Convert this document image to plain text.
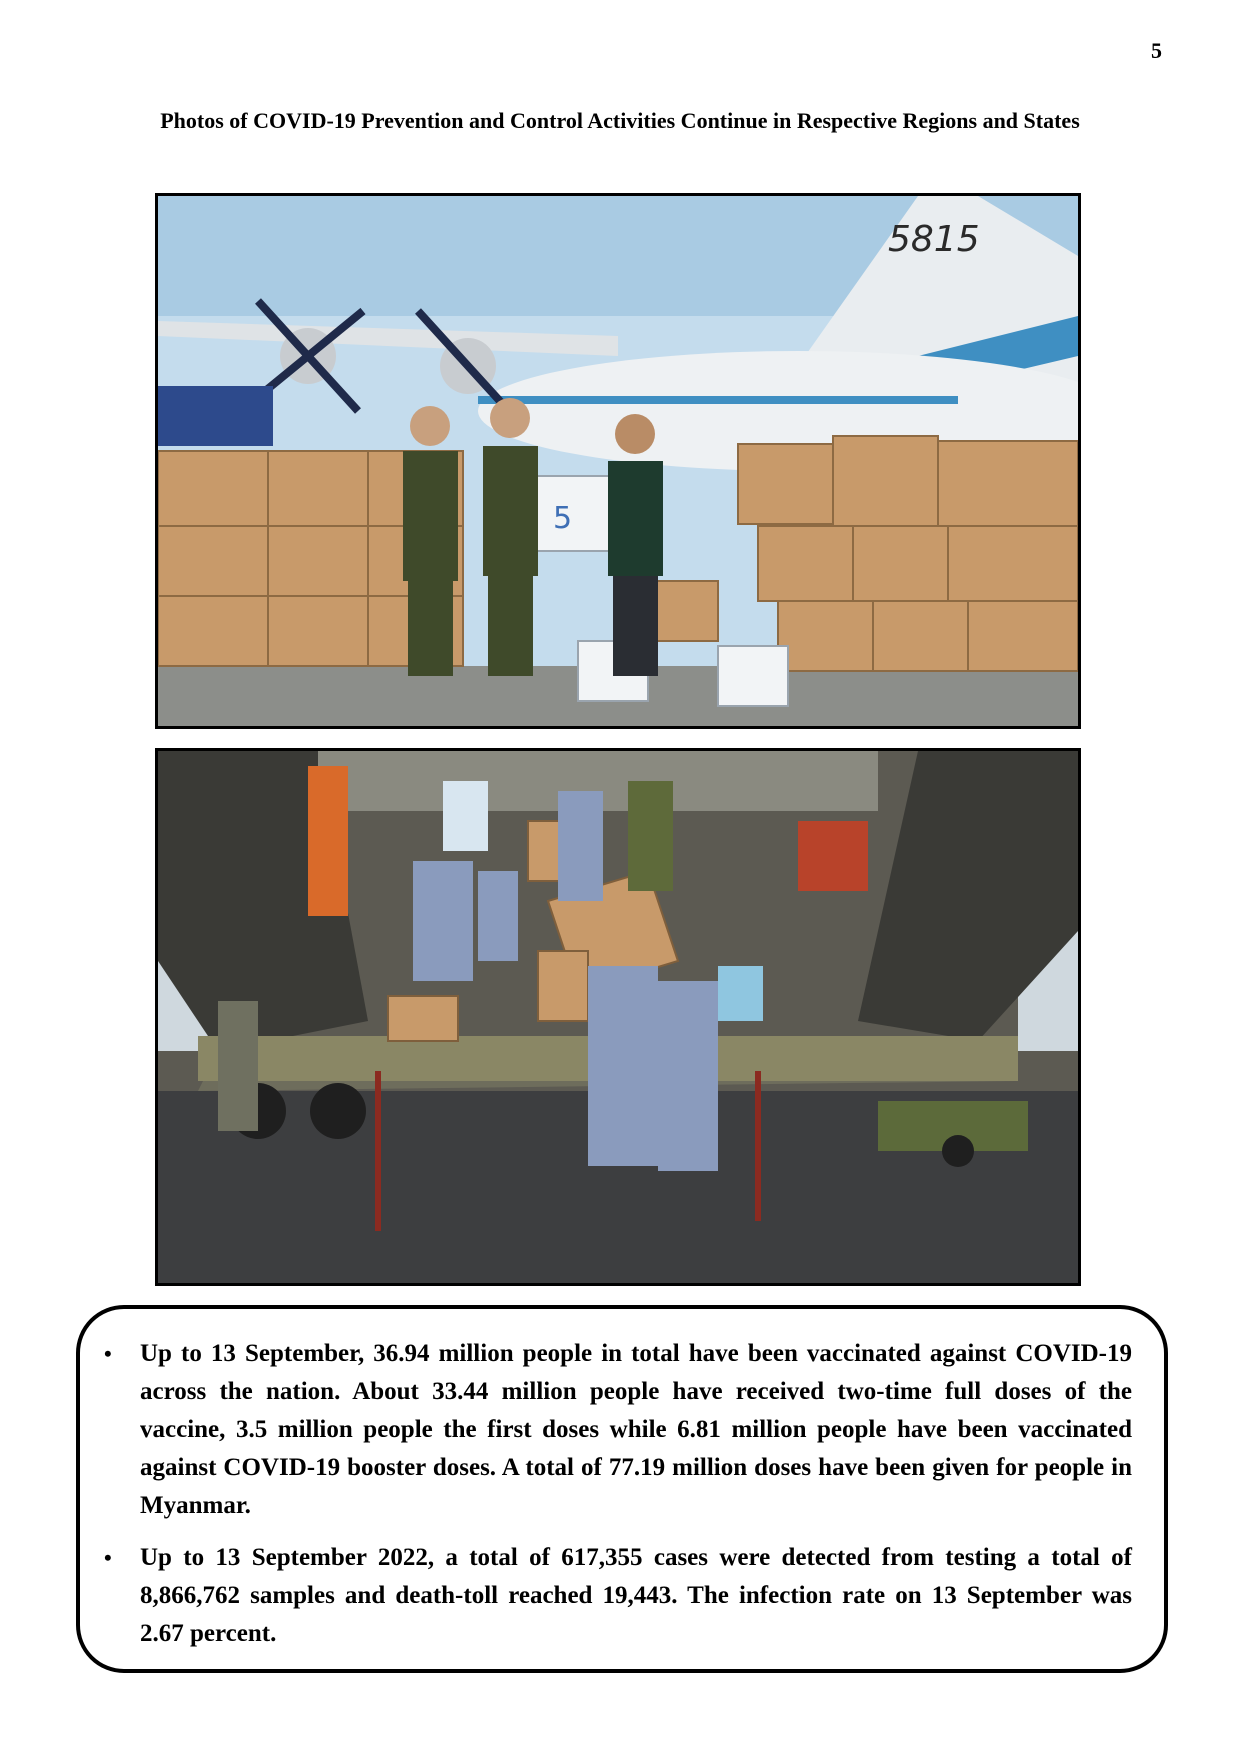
5
Photos of COVID-19 Prevention and Control Activities Continue in Respective Regions and States
5815
5
• Up to 13 September, 36.94 million people in total have been vaccinated against COVID-19 across the nation. About 33.44 million people have received two-time full doses of the vaccine, 3.5 million people the first doses while 6.81 million people have been vaccinated against COVID-19 booster doses. A total of 77.19 million doses have been given for people in Myanmar.
• Up to 13 September 2022, a total of 617,355 cases were detected from testing a total of 8,866,762 samples and death-toll reached 19,443. The infection rate on 13 September was 2.67 percent.
